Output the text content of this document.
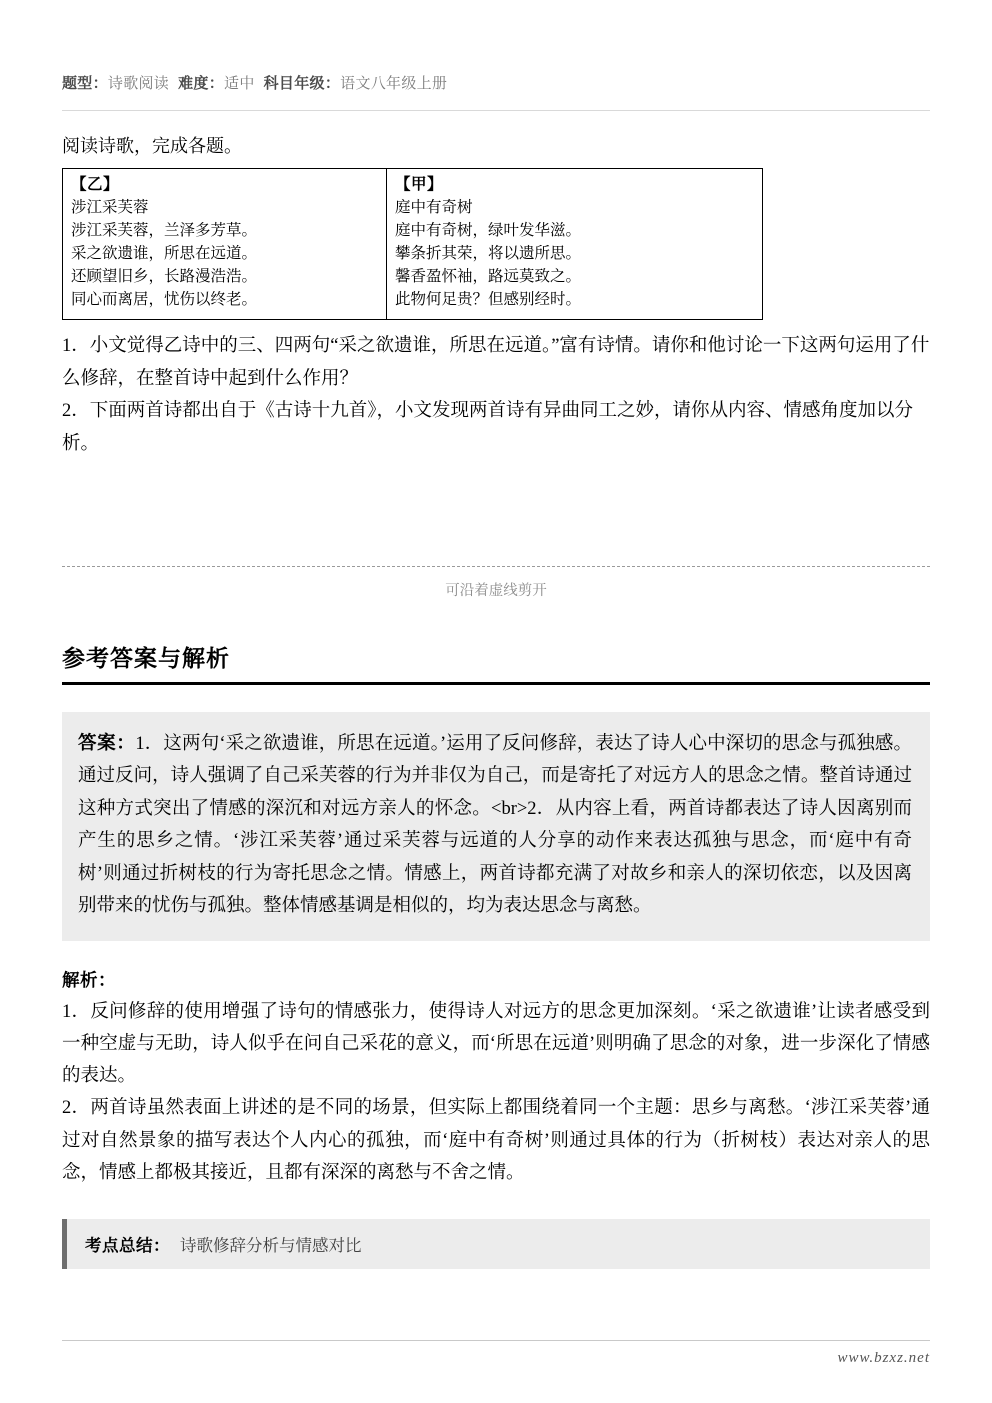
题型：诗歌阅读 难度：适中 科目年级：语文八年级上册
阅读诗歌，完成各题。
【乙】
涉江采芙蓉
涉江采芙蓉，兰泽多芳草。
采之欲遗谁，所思在远道。
还顾望旧乡，长路漫浩浩。
同心而离居，忧伤以终老。

【甲】
庭中有奇树
庭中有奇树，绿叶发华滋。
攀条折其荣，将以遗所思。
馨香盈怀袖，路远莫致之。
此物何足贵？但感别经时。

1．小文觉得乙诗中的三、四两句“采之欲遗谁，所思在远道。”富有诗情。请你和他讨论一下这两句运用了什么修辞，在整首诗中起到什么作用？

2．下面两首诗都出自于《古诗十九首》，小文发现两首诗有异曲同工之妙，请你从内容、情感角度加以分析。

可沿着虚线剪开
参考答案与解析
答案：1．这两句‘采之欲遗谁，所思在远道。’运用了反问修辞，表达了诗人心中深切的思念与孤独感。通过反问，诗人强调了自己采芙蓉的行为并非仅为自己，而是寄托了对远方人的思念之情。整首诗通过这种方式突出了情感的深沉和对远方亲人的怀念。<br>2．从内容上看，两首诗都表达了诗人因离别而产生的思乡之情。‘涉江采芙蓉’通过采芙蓉与远道的人分享的动作来表达孤独与思念，而‘庭中有奇树’则通过折树枝的行为寄托思念之情。情感上，两首诗都充满了对故乡和亲人的深切依恋，以及因离别带来的忧伤与孤独。整体情感基调是相似的，均为表达思念与离愁。
解析：

1．反问修辞的使用增强了诗句的情感张力，使得诗人对远方的思念更加深刻。‘采之欲遗谁’让读者感受到一种空虚与无助，诗人似乎在问自己采花的意义，而‘所思在远道’则明确了思念的对象，进一步深化了情感的表达。

2．两首诗虽然表面上讲述的是不同的场景，但实际上都围绕着同一个主题：思乡与离愁。‘涉江采芙蓉’通过对自然景象的描写表达个人内心的孤独，而‘庭中有奇树’则通过具体的行为（折树枝）表达对亲人的思念，情感上都极其接近，且都有深深的离愁与不舍之情。

考点总结： 诗歌修辞分析与情感对比
www.bzxz.net
